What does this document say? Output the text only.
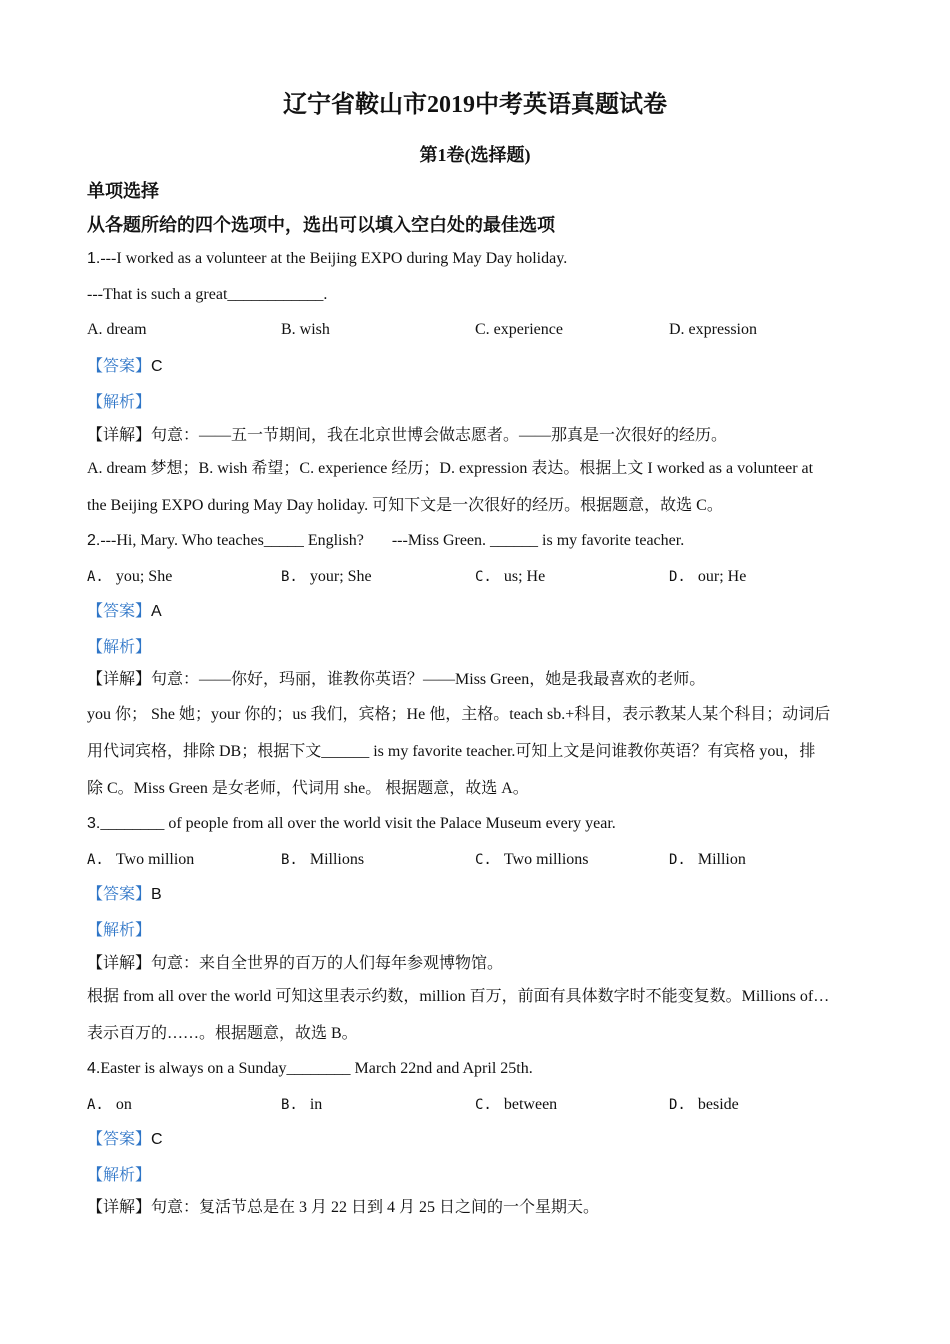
辽宁省鞍山市2019中考英语真题试卷
第1卷(选择题)
单项选择
从各题所给的四个选项中，选出可以填入空白处的最佳选项
1.---I worked as a volunteer at the Beijing EXPO during May Day holiday.
---That is such a great____________.
A. dream	B. wish	C. experience	D. expression
【答案】C
【解析】
【详解】句意：——五一节期间，我在北京世博会做志愿者。——那真是一次很好的经历。
A. dream 梦想；B. wish 希望；C. experience 经历；D. expression 表达。根据上文 I worked as a volunteer at
the Beijing EXPO during May Day holiday. 可知下文是一次很好的经历。根据题意，故选 C。
2.---Hi, Mary. Who teaches_____ English?       ---Miss Green. ______ is my favorite teacher.
A. you; She	B. your; She	C. us; He	D. our; He
【答案】A
【解析】
【详解】句意：——你好，玛丽，谁教你英语？——Miss Green，她是我最喜欢的老师。
you 你； She 她；your 你的；us 我们，宾格；He 他，主格。teach sb.+科目，表示教某人某个科目；动词后
用代词宾格，排除 DB；根据下文______ is my favorite teacher.可知上文是问谁教你英语？有宾格 you，排
除 C。Miss Green 是女老师，代词用 she。 根据题意，故选 A。
3.________ of people from all over the world visit the Palace Museum every year.
A. Two million	B. Millions	C. Two millions	D. Million
【答案】B
【解析】
【详解】句意：来自全世界的百万的人们每年参观博物馆。
根据 from all over the world 可知这里表示约数，million 百万，前面有具体数字时不能变复数。Millions of…
表示百万的……。根据题意，故选 B。
4.Easter is always on a Sunday________ March 22nd and April 25th.
A. on	B. in	C. between	D. beside
【答案】C
【解析】
【详解】句意：复活节总是在 3 月 22 日到 4 月 25 日之间的一个星期天。
